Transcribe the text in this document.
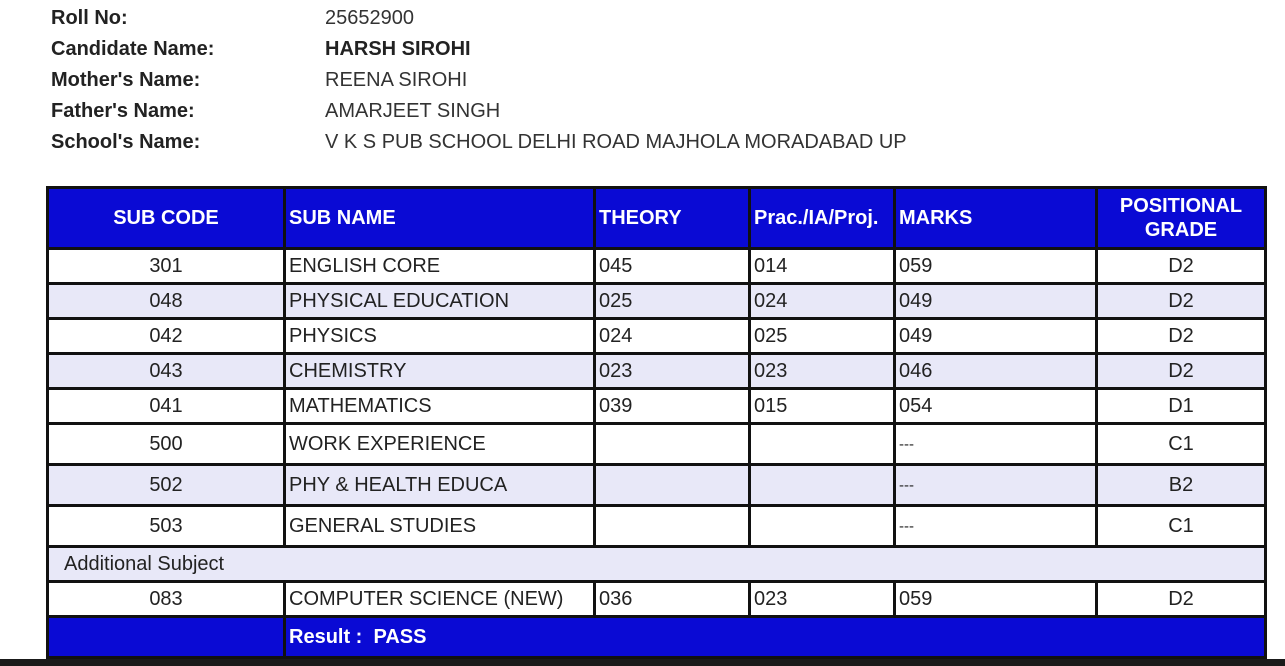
Roll No:	25652900
Candidate Name:	HARSH SIROHI
Mother's Name:	REENA SIROHI
Father's Name:	AMARJEET SINGH
School's Name:	V K S PUB SCHOOL DELHI ROAD MAJHOLA MORADABAD UP
SUB CODE	SUB NAME	THEORY	Prac./IA/Proj.	MARKS	POSITIONAL GRADE
301	ENGLISH CORE	045	014	059	D2
048	PHYSICAL EDUCATION	025	024	049	D2
042	PHYSICS	024	025	049	D2
043	CHEMISTRY	023	023	046	D2
041	MATHEMATICS	039	015	054	D1
500	WORK EXPERIENCE			---	C1
502	PHY & HEALTH EDUCA			---	B2
503	GENERAL STUDIES			---	C1
Additional Subject					
083	COMPUTER SCIENCE (NEW)	036	023	059	D2
	Result : PASS				
